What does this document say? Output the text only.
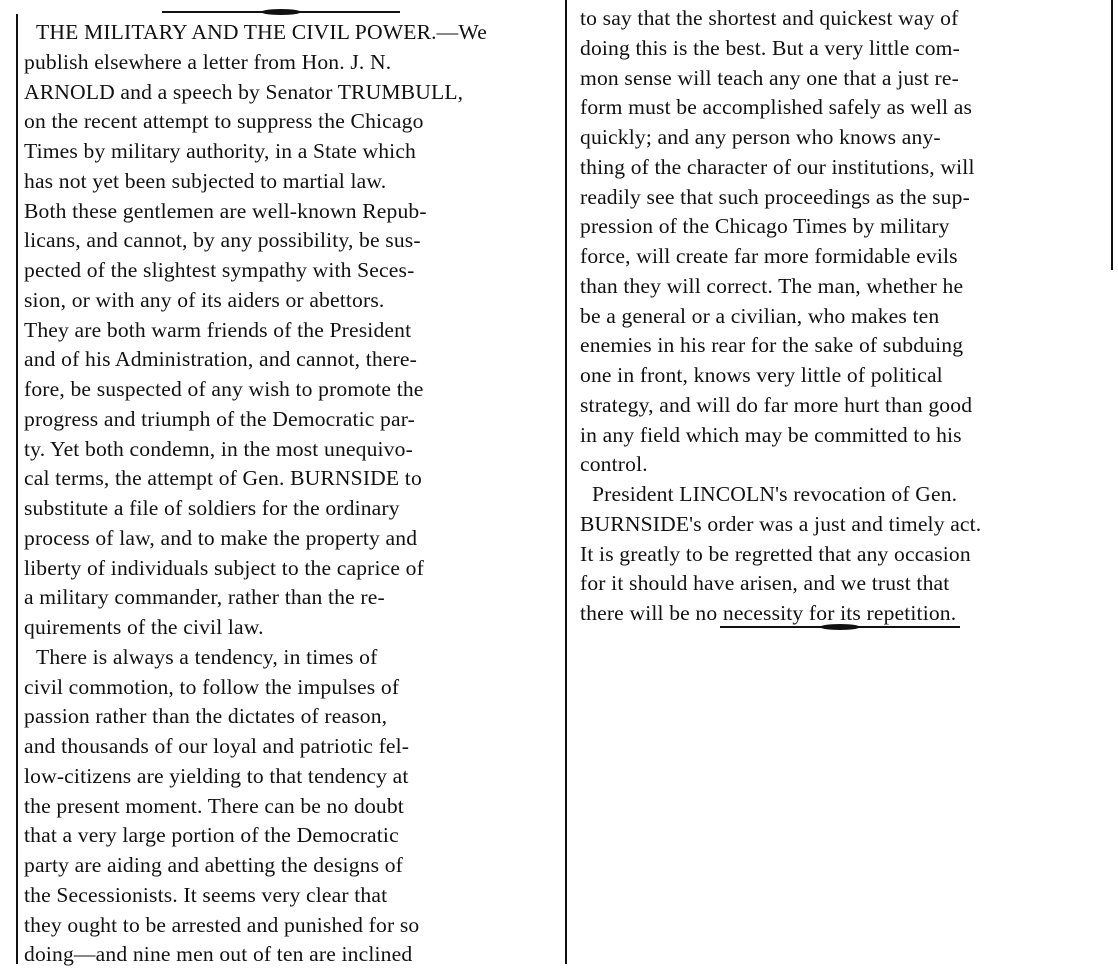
THE MILITARY AND THE CIVIL POWER.—We
publish elsewhere a letter from Hon. J. N.
ARNOLD and a speech by Senator TRUMBULL,
on the recent attempt to suppress the Chicago
Times by military authority, in a State which
has not yet been subjected to martial law.
Both these gentlemen are well-known Repub-
licans, and cannot, by any possibility, be sus-
pected of the slightest sympathy with Seces-
sion, or with any of its aiders or abettors.
They are both warm friends of the President
and of his Administration, and cannot, there-
fore, be suspected of any wish to promote the
progress and triumph of the Democratic par-
ty. Yet both condemn, in the most unequivo-
cal terms, the attempt of Gen. BURNSIDE to
substitute a file of soldiers for the ordinary
process of law, and to make the property and
liberty of individuals subject to the caprice of
a military commander, rather than the re-
quirements of the civil law.
There is always a tendency, in times of
civil commotion, to follow the impulses of
passion rather than the dictates of reason,
and thousands of our loyal and patriotic fel-
low-citizens are yielding to that tendency at
the present moment. There can be no doubt
that a very large portion of the Democratic
party are aiding and abetting the designs of
the Secessionists. It seems very clear that
they ought to be arrested and punished for so
doing—and nine men out of ten are inclined
to say that the shortest and quickest way of
doing this is the best. But a very little com-
mon sense will teach any one that a just re-
form must be accomplished safely as well as
quickly; and any person who knows any-
thing of the character of our institutions, will
readily see that such proceedings as the sup-
pression of the Chicago Times by military
force, will create far more formidable evils
than they will correct. The man, whether he
be a general or a civilian, who makes ten
enemies in his rear for the sake of subduing
one in front, knows very little of political
strategy, and will do far more hurt than good
in any field which may be committed to his
control.
President LINCOLN's revocation of Gen.
BURNSIDE's order was a just and timely act.
It is greatly to be regretted that any occasion
for it should have arisen, and we trust that
there will be no necessity for its repetition.
